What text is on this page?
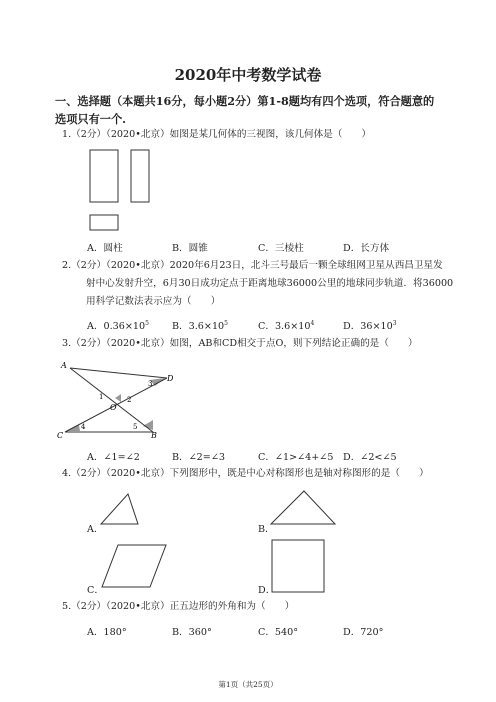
2020年中考数学试卷
一、选择题（本题共16分，每小题2分）第1-8题均有四个选项，符合题意的选项只有一个.
1.（2分）（2020•北京）如图是某几何体的三视图，该几何体是（　　）
A．圆柱	B．圆锥	C．三棱柱	D．长方体
2.（2分）（2020•北京）2020年6月23日，北斗三号最后一颗全球组网卫星从西昌卫星发
射中心发射升空，6月30日成功定点于距离地球36000公里的地球同步轨道．将36000
用科学记数法表示应为（　　）
A．$0.36\times 10^5$ B．$3.6\times 10^5$	C．$3.6\times 10^4$	D．$36\times 10^3$
3.（2分）（2020•北京）如图，AB和CD相交于点O，则下列结论正确的是（　　）
A
D
C	B
O
1	2
3
4	5
A．∠1=∠2	B．∠2=∠3	C．∠1>∠4+∠5 D．∠2<∠5
4.（2分）（2020•北京）下列图形中，既是中心对称图形也是轴对称图形的是（　　）
A．	B．
C．	D．
5.（2分）（2020•北京）正五边形的外角和为（　　）
A．180°	B．360°	C．540°	D．720°
第1页（共25页）
